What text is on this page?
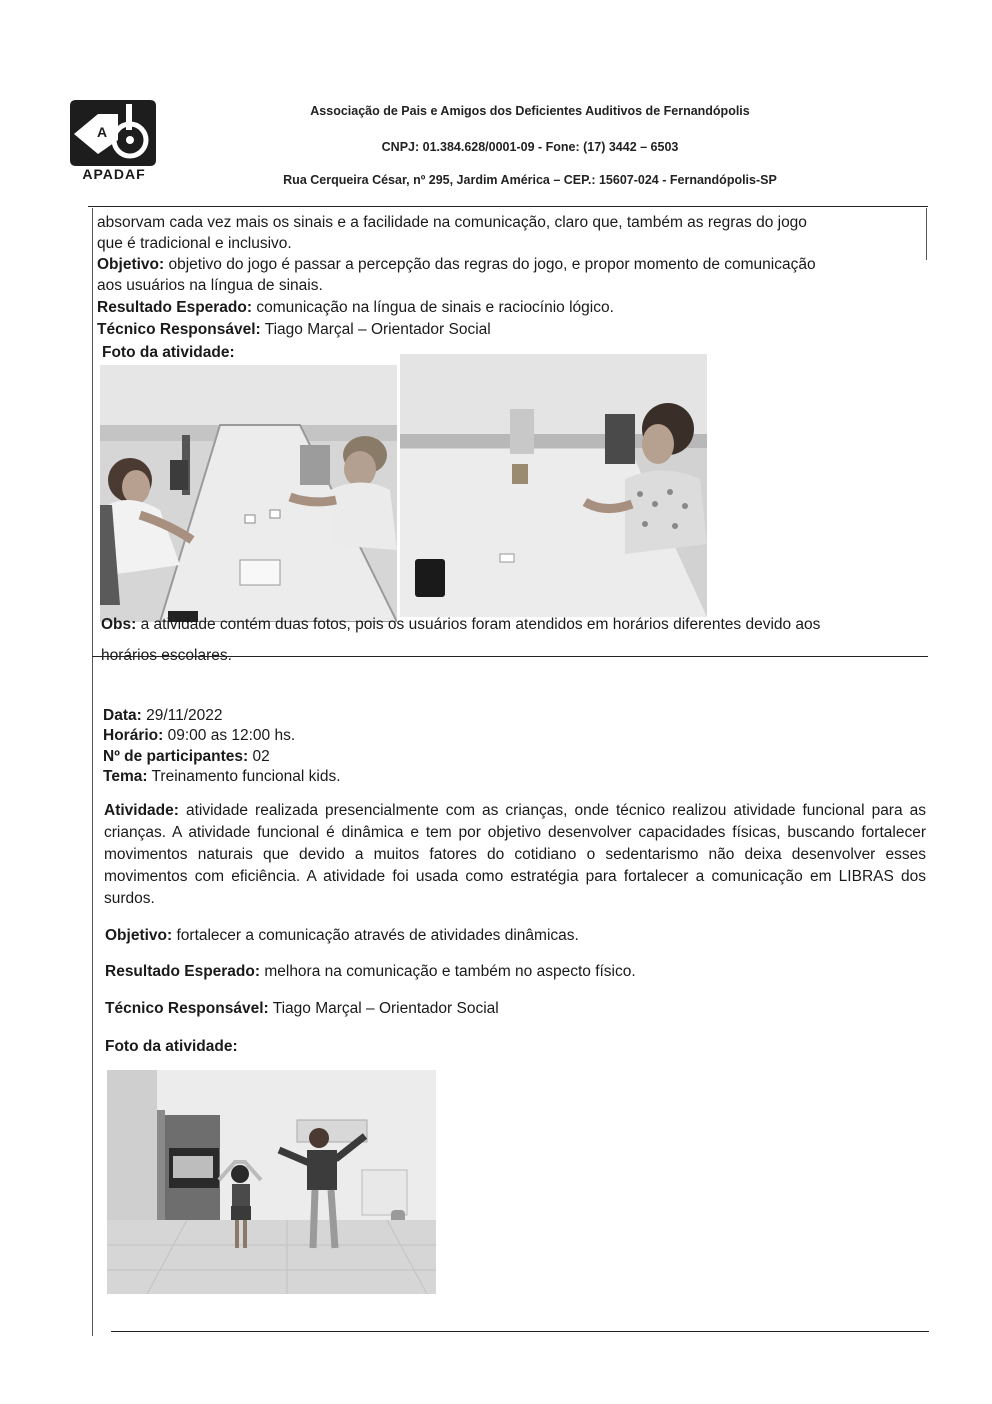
A
APADAF
Associação de Pais e Amigos dos Deficientes Auditivos de Fernandópolis
CNPJ: 01.384.628/0001-09 - Fone: (17) 3442 – 6503
Rua Cerqueira César, nº 295, Jardim América – CEP.: 15607-024 - Fernandópolis-SP
absorvam cada vez mais os sinais e a facilidade na comunicação, claro que, também as regras do jogo
que é tradicional e inclusivo.
Objetivo: objetivo do jogo é passar a percepção das regras do jogo, e propor momento de comunicação
aos usuários na língua de sinais.
Resultado Esperado: comunicação na língua de sinais e raciocínio lógico.
Técnico Responsável: Tiago Marçal – Orientador Social
Foto da atividade:
Obs: a atividade contém duas fotos, pois os usuários foram atendidos em horários diferentes devido aos
horários escolares.
Data: 29/11/2022
Horário: 09:00 as 12:00 hs.
Nº de participantes: 02
Tema: Treinamento funcional kids.
Atividade: atividade realizada presencialmente com as crianças, onde técnico realizou atividade funcional para as crianças. A atividade funcional é dinâmica e tem por objetivo desenvolver capacidades físicas, buscando fortalecer movimentos naturais que devido a muitos fatores do cotidiano o sedentarismo não deixa desenvolver esses movimentos com eficiência. A atividade foi usada como estratégia para fortalecer a comunicação em LIBRAS dos surdos.
Objetivo: fortalecer a comunicação através de atividades dinâmicas.
Resultado Esperado: melhora na comunicação e também no aspecto físico.
Técnico Responsável: Tiago Marçal – Orientador Social
Foto da atividade:
